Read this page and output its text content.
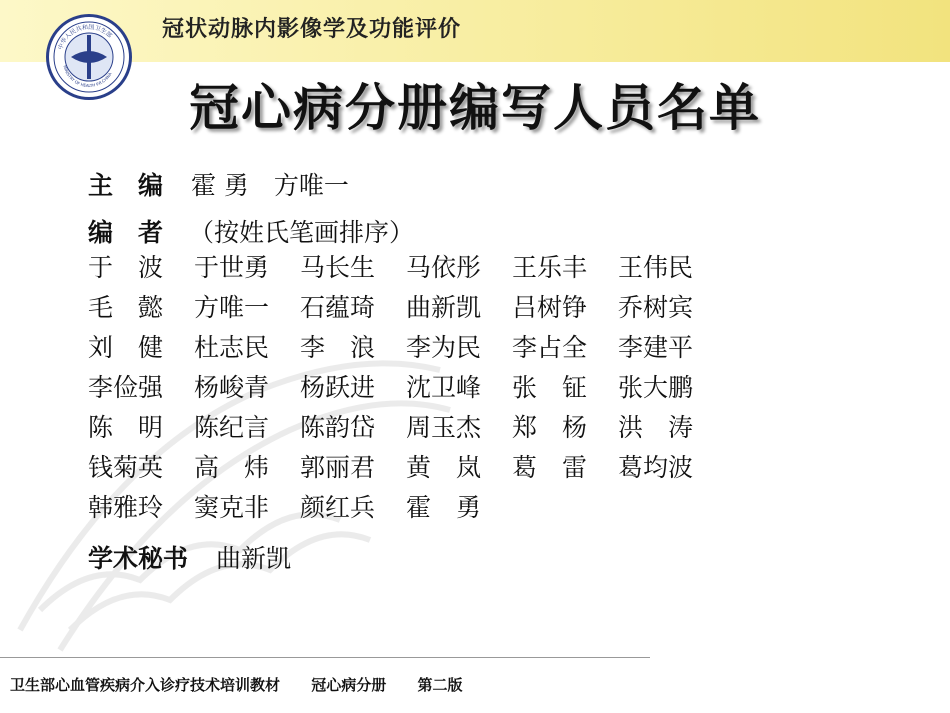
冠状动脉内影像学及功能评价
中华人民共和国卫生部
MINISTRY OF HEALTH P.R.CHINA
冠心病分册编写人员名单
主　编 霍 勇　方唯一
编　者 （按姓氏笔画排序）
于　波	于世勇	马长生	马依彤	王乐丰	王伟民
毛　懿	方唯一	石蕴琦	曲新凯	吕树铮	乔树宾
刘　健	杜志民	李　浪	李为民	李占全	李建平
李俭强	杨峻青	杨跃进	沈卫峰	张　钲	张大鹏
陈　明	陈纪言	陈韵岱	周玉杰	郑　杨	洪　涛
钱菊英	高　炜	郭丽君	黄　岚	葛　雷	葛均波
韩雅玲	窦克非	颜红兵	霍　勇
学术秘书 曲新凯
卫生部心血管疾病介入诊疗技术培训教材 冠心病分册 第二版
